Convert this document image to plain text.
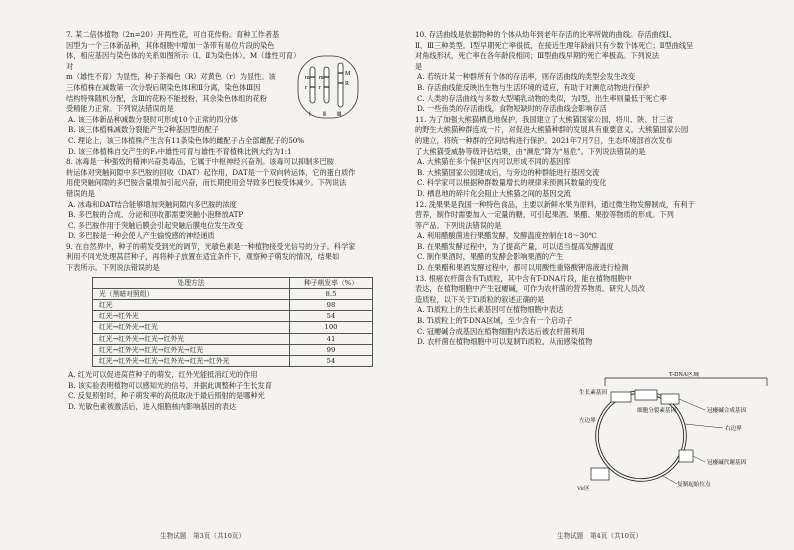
7. 某二倍体植物（2n=20）开两性花，可自花传粉。育种工作者基

因型为一个三体新品种，其体细胞中增加一条带有易位片段的染色

体，相应基因与染色体的关系如图所示（Ⅰ、Ⅱ为染色体）。M（雄性可育）对

m（雄性不育）为显性，种子茶褐色（R）对黄色（r）为显性。该

三体植株在减数第一次分裂后期染色体Ⅰ和Ⅱ分离，染色体Ⅲ因

结构特殊随机分配，含Ⅲ的花粉不能授粉，其余染色体组的花粉

受精能力正常。下列说法错误的是

A. 该三体新品种减数分裂时可形成10个正常的四分体

B. 该三体植株减数分裂能产生2种基因型的配子

C. 理论上，该三体植株产生含有11条染色体的雌配子占全部雌配子的50%

D. 该三体植株自交产生的F₁中雄性可育与雄性不育植株比例大约为1:1

8. 冰毒是一种强效的精神兴奋类毒品，它属于中枢神经兴奋剂。该毒可以抑制多巴胺

转运体对突触间隙中多巴胺的回收（DAT）起作用，DAT是一个双向转运体，它的蛋白质作

用使突触间隙的多巴胺含量增加引起兴奋，而长期使用会导致多巴胺受体减少。下列说法

错误的是

A. 冰毒和DAT结合能够增加突触间隙内多巴胺的浓度

B. 多巴胺的合成、分泌和回收都需要突触小泡释放ATP

C. 多巴胺作用于突触后膜会引起突触后膜电位发生改变

D. 多巴胺是一种会使人产生愉悦感的神经递质

9. 在自然界中，种子的萌发受到光的调节，光敏色素是一种植物接受光信号的分子。科学家

利用不同光处理莴苣种子，再将种子放置在适宜条件下，观察种子萌发的情况，结果如

下表所示。下列说法错误的是

处理方法	种子萌发率（%）
光（黑暗对照组）	8.5
红光	98
红光→红外光	54
红光→红外光→红光	100
红光→红外光→红光→红外光	41
红光→红外光→红光→红外光→红光	99
红光→红外光→红光→红外光→红光→红外光	54

A. 红光可以促进莴苣种子的萌发，红外光能抵消红光的作用

B. 该实验表明植物可以感知光的信号，并据此调整种子生长发育

C. 反复照射时，种子萌发率的高低取决于最后照射的是哪种光

D. 光敏色素被激活后，进入细胞核内影响基因的表达

生物试题　第3页（共10页）
m
r
m
r
M
R
Ⅰ Ⅱ Ⅲ

10. 存活曲线是依据物种的个体从幼年到老年存活的比率所做的曲线。存活曲线Ⅰ、

Ⅱ、Ⅲ三种类型。Ⅰ型早期死亡率很低，在接近生理年龄前只有少数个体死亡；Ⅱ型曲线呈

对角线形状，死亡率在各年龄段相同；Ⅲ型曲线早期的死亡率极高。下列说法

是

A. 若统计某一种群所有个体的存活率，则存活曲线的类型会发生改变

B. 存活曲线能反映出生物与生活环境的适应，有助于对濒危动物进行保护

C. 人类的存活曲线与多数大型哺乳动物的类似，为Ⅰ型，出生率则量低于死亡率

D. 一些鱼类的存活曲线，食物短缺时的存活曲线会影响存活

11. 为了加强大熊猫栖息地保护，我国建立了大熊猫国家公园，将川、陕、甘三省

的野生大熊猫种群连成一片，对促进大熊猫种群的发展具有重要意义。大熊猫国家公园

的建立，将统一种群的空间结构进行保护。2021年7月7日，生态环境部首次发布

了大熊猫受威胁等级评估结果，由“濒危”降为“易危”。下列说法错误的是

A. 大熊猫在多个保护区内可以形成不同的基因库

B. 大熊猫国家公园建成后，与旁边的种群能进行基因交流

C. 科学家可以根据种群数量增长的规律来预测其数量的变化

D. 栖息地的碎片化会阻止大熊猫之间的基因交流

12. 洗果果是我国一种特色食品，主要以新鲜水果为原料，通过微生物发酵制成，有利于

营养，制作时需要加入一定量的糖，可引起果酒、果醋、果胶等物质的形成。下列

等产品。下列说法错误的是

A. 利用醋酸菌进行果醋发酵，发酵温度控制在18～30℃

B. 在果醋发酵过程中，为了提高产量，可以适当提高发酵温度

C. 制作果酒时，果醋的发酵会影响果酒的产生

D. 在果醋和果酒发酵过程中，都可以用酸性重铬酸钾溶液进行检测

13. 根癌农杆菌含有Ti质粒，其中含有T-DNA片段，能在植物细胞中

表达，在植物细胞中产生冠瘿碱，可作为农杆菌的营养物质。研究人员改

造质粒，以下关于Ti质粒的叙述正确的是

A. Ti质粒上的生长素基因可在植物细胞中表达

B. Ti质粒上的T-DNA区域，至少含有一个启动子

C. 冠瘿碱合成基因在植物细胞内表达后被农杆菌利用

D. 农杆菌在植物细胞中可以复制Ti质粒，从而感染植物

生物试题　第4页（共10页）
T-DNA区域
生长素基因
细胞分裂素基因	冠瘿碱合成基因
右边界
左边界
Vir区
冠瘿碱代谢基因
复制起始位点
